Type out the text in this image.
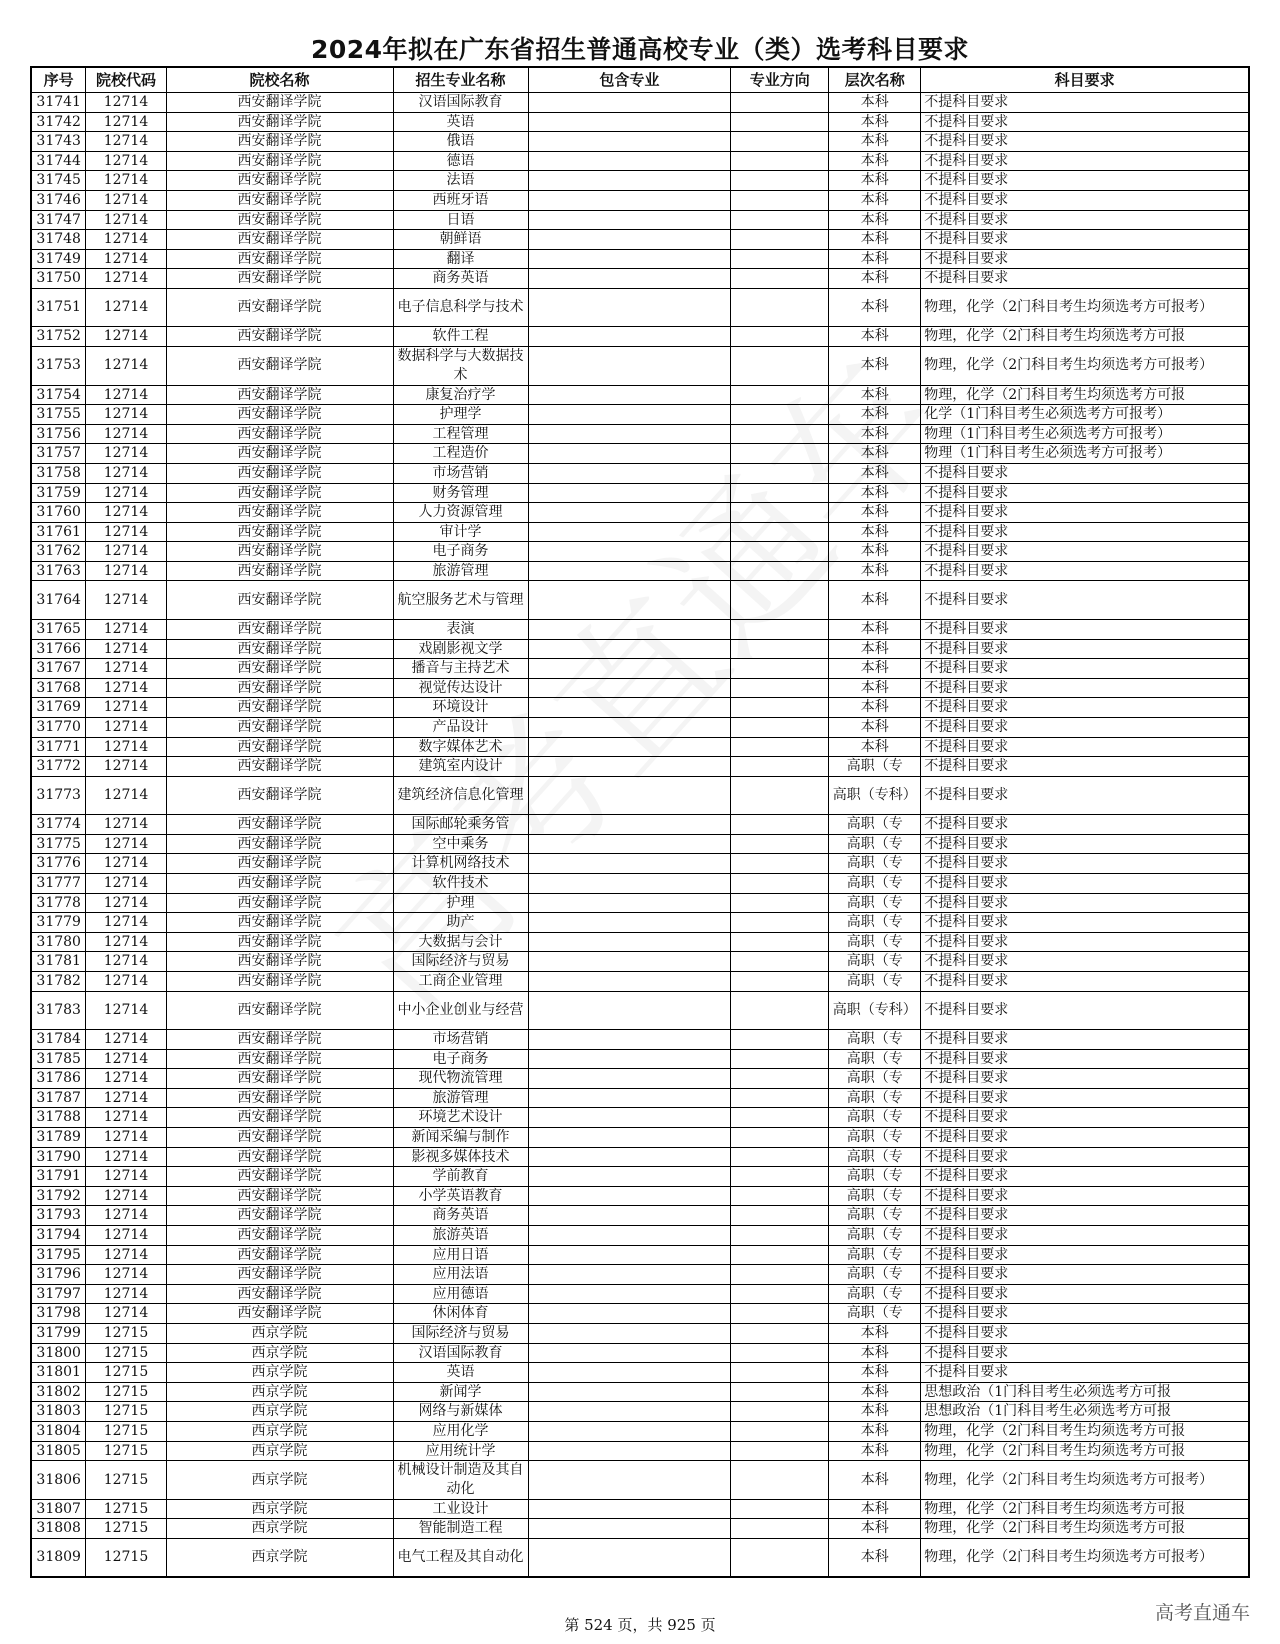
2024年拟在广东省招生普通高校专业（类）选考科目要求
序号	院校代码	院校名称	招生专业名称	包含专业	专业方向	层次名称	科目要求
31741	12714	西安翻译学院	汉语国际教育			本科	不提科目要求
31742	12714	西安翻译学院	英语			本科	不提科目要求
31743	12714	西安翻译学院	俄语			本科	不提科目要求
31744	12714	西安翻译学院	德语			本科	不提科目要求
31745	12714	西安翻译学院	法语			本科	不提科目要求
31746	12714	西安翻译学院	西班牙语			本科	不提科目要求
31747	12714	西安翻译学院	日语			本科	不提科目要求
31748	12714	西安翻译学院	朝鲜语			本科	不提科目要求
31749	12714	西安翻译学院	翻译			本科	不提科目要求
31750	12714	西安翻译学院	商务英语			本科	不提科目要求
31751	12714	西安翻译学院	电子信息科学与技术			本科	物理，化学（2门科目考生均须选考方可报考）
31752	12714	西安翻译学院	软件工程			本科	物理，化学（2门科目考生均须选考方可报
31753	12714	西安翻译学院	数据科学与大数据技术			本科	物理，化学（2门科目考生均须选考方可报考）
31754	12714	西安翻译学院	康复治疗学			本科	物理，化学（2门科目考生均须选考方可报
31755	12714	西安翻译学院	护理学			本科	化学（1门科目考生必须选考方可报考）
31756	12714	西安翻译学院	工程管理			本科	物理（1门科目考生必须选考方可报考）
31757	12714	西安翻译学院	工程造价			本科	物理（1门科目考生必须选考方可报考）
31758	12714	西安翻译学院	市场营销			本科	不提科目要求
31759	12714	西安翻译学院	财务管理			本科	不提科目要求
31760	12714	西安翻译学院	人力资源管理			本科	不提科目要求
31761	12714	西安翻译学院	审计学			本科	不提科目要求
31762	12714	西安翻译学院	电子商务			本科	不提科目要求
31763	12714	西安翻译学院	旅游管理			本科	不提科目要求
31764	12714	西安翻译学院	航空服务艺术与管理			本科	不提科目要求
31765	12714	西安翻译学院	表演			本科	不提科目要求
31766	12714	西安翻译学院	戏剧影视文学			本科	不提科目要求
31767	12714	西安翻译学院	播音与主持艺术			本科	不提科目要求
31768	12714	西安翻译学院	视觉传达设计			本科	不提科目要求
31769	12714	西安翻译学院	环境设计			本科	不提科目要求
31770	12714	西安翻译学院	产品设计			本科	不提科目要求
31771	12714	西安翻译学院	数字媒体艺术			本科	不提科目要求
31772	12714	西安翻译学院	建筑室内设计			高职（专	不提科目要求
31773	12714	西安翻译学院	建筑经济信息化管理			高职（专科）	不提科目要求
31774	12714	西安翻译学院	国际邮轮乘务管			高职（专	不提科目要求
31775	12714	西安翻译学院	空中乘务			高职（专	不提科目要求
31776	12714	西安翻译学院	计算机网络技术			高职（专	不提科目要求
31777	12714	西安翻译学院	软件技术			高职（专	不提科目要求
31778	12714	西安翻译学院	护理			高职（专	不提科目要求
31779	12714	西安翻译学院	助产			高职（专	不提科目要求
31780	12714	西安翻译学院	大数据与会计			高职（专	不提科目要求
31781	12714	西安翻译学院	国际经济与贸易			高职（专	不提科目要求
31782	12714	西安翻译学院	工商企业管理			高职（专	不提科目要求
31783	12714	西安翻译学院	中小企业创业与经营			高职（专科）	不提科目要求
31784	12714	西安翻译学院	市场营销			高职（专	不提科目要求
31785	12714	西安翻译学院	电子商务			高职（专	不提科目要求
31786	12714	西安翻译学院	现代物流管理			高职（专	不提科目要求
31787	12714	西安翻译学院	旅游管理			高职（专	不提科目要求
31788	12714	西安翻译学院	环境艺术设计			高职（专	不提科目要求
31789	12714	西安翻译学院	新闻采编与制作			高职（专	不提科目要求
31790	12714	西安翻译学院	影视多媒体技术			高职（专	不提科目要求
31791	12714	西安翻译学院	学前教育			高职（专	不提科目要求
31792	12714	西安翻译学院	小学英语教育			高职（专	不提科目要求
31793	12714	西安翻译学院	商务英语			高职（专	不提科目要求
31794	12714	西安翻译学院	旅游英语			高职（专	不提科目要求
31795	12714	西安翻译学院	应用日语			高职（专	不提科目要求
31796	12714	西安翻译学院	应用法语			高职（专	不提科目要求
31797	12714	西安翻译学院	应用德语			高职（专	不提科目要求
31798	12714	西安翻译学院	休闲体育			高职（专	不提科目要求
31799	12715	西京学院	国际经济与贸易			本科	不提科目要求
31800	12715	西京学院	汉语国际教育			本科	不提科目要求
31801	12715	西京学院	英语			本科	不提科目要求
31802	12715	西京学院	新闻学			本科	思想政治（1门科目考生必须选考方可报
31803	12715	西京学院	网络与新媒体			本科	思想政治（1门科目考生必须选考方可报
31804	12715	西京学院	应用化学			本科	物理，化学（2门科目考生均须选考方可报
31805	12715	西京学院	应用统计学			本科	物理，化学（2门科目考生均须选考方可报
31806	12715	西京学院	机械设计制造及其自动化			本科	物理，化学（2门科目考生均须选考方可报考）
31807	12715	西京学院	工业设计			本科	物理，化学（2门科目考生均须选考方可报
31808	12715	西京学院	智能制造工程			本科	物理，化学（2门科目考生均须选考方可报
31809	12715	西京学院	电气工程及其自动化			本科	物理，化学（2门科目考生均须选考方可报考）
第 524 页，共 925 页
高考直通车
